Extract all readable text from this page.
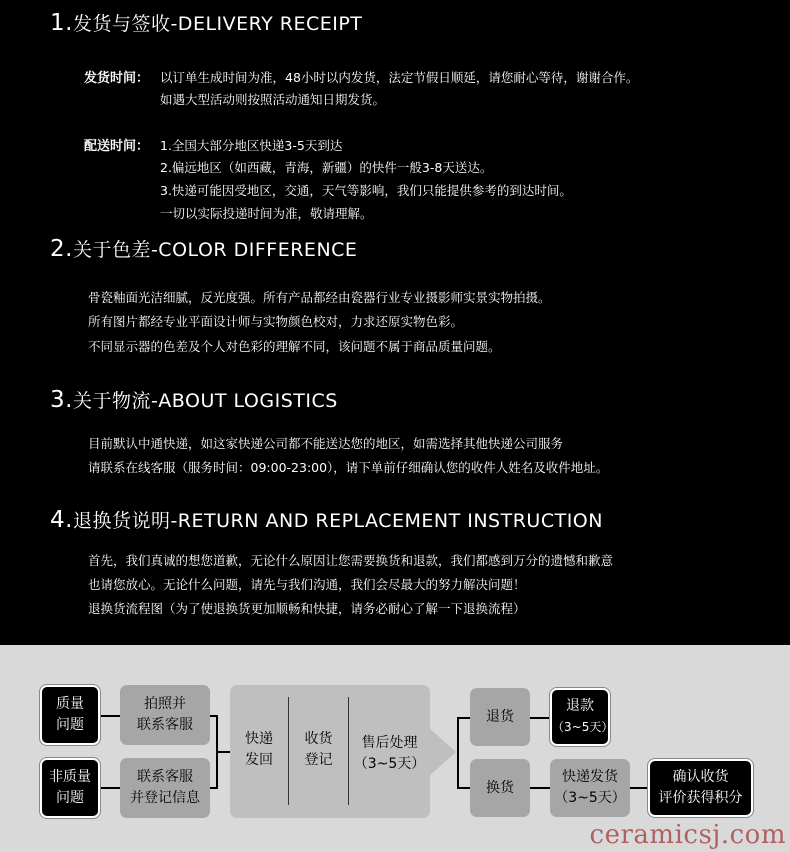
1.发货与签收-DELIVERY RECEIPT
发货时间： 以订单生成时间为准，48小时以内发货，法定节假日顺延，请您耐心等待，谢谢合作。
如遇大型活动则按照活动通知日期发货。
配送时间： 1.全国大部分地区快递3-5天到达
2.偏远地区（如西藏，青海，新疆）的快件一般3-8天送达。
3.快递可能因受地区，交通，天气等影响，我们只能提供参考的到达时间。
一切以实际投递时间为准，敬请理解。
2.关于色差-COLOR DIFFERENCE
骨瓷釉面光洁细腻，反光度强。所有产品都经由瓷器行业专业摄影师实景实物拍摄。
所有图片都经专业平面设计师与实物颜色校对，力求还原实物色彩。
不同显示器的色差及个人对色彩的理解不同，该问题不属于商品质量问题。
3.关于物流-ABOUT LOGISTICS
目前默认中通快递，如这家快递公司都不能送达您的地区，如需选择其他快递公司服务
请联系在线客服（服务时间：09:00-23:00），请下单前仔细确认您的收件人姓名及收件地址。
4.退换货说明-RETURN AND REPLACEMENT INSTRUCTION
首先，我们真诚的想您道歉，无论什么原因让您需要换货和退款，我们都感到万分的遗憾和歉意
也请您放心。无论什么问题，请先与我们沟通，我们会尽最大的努力解决问题！
退换货流程图（为了使退换货更加顺畅和快捷，请务必耐心了解一下退换流程）
质量
问题
非质量
问题
拍照并
联系客服
联系客服
并登记信息
快递
发回
收货
登记
售后处理
（3~5天）
退货
换货
退款
（3~5天）
快递发货
（3~5天）
确认收货
评价获得积分
ceramicsj.com
